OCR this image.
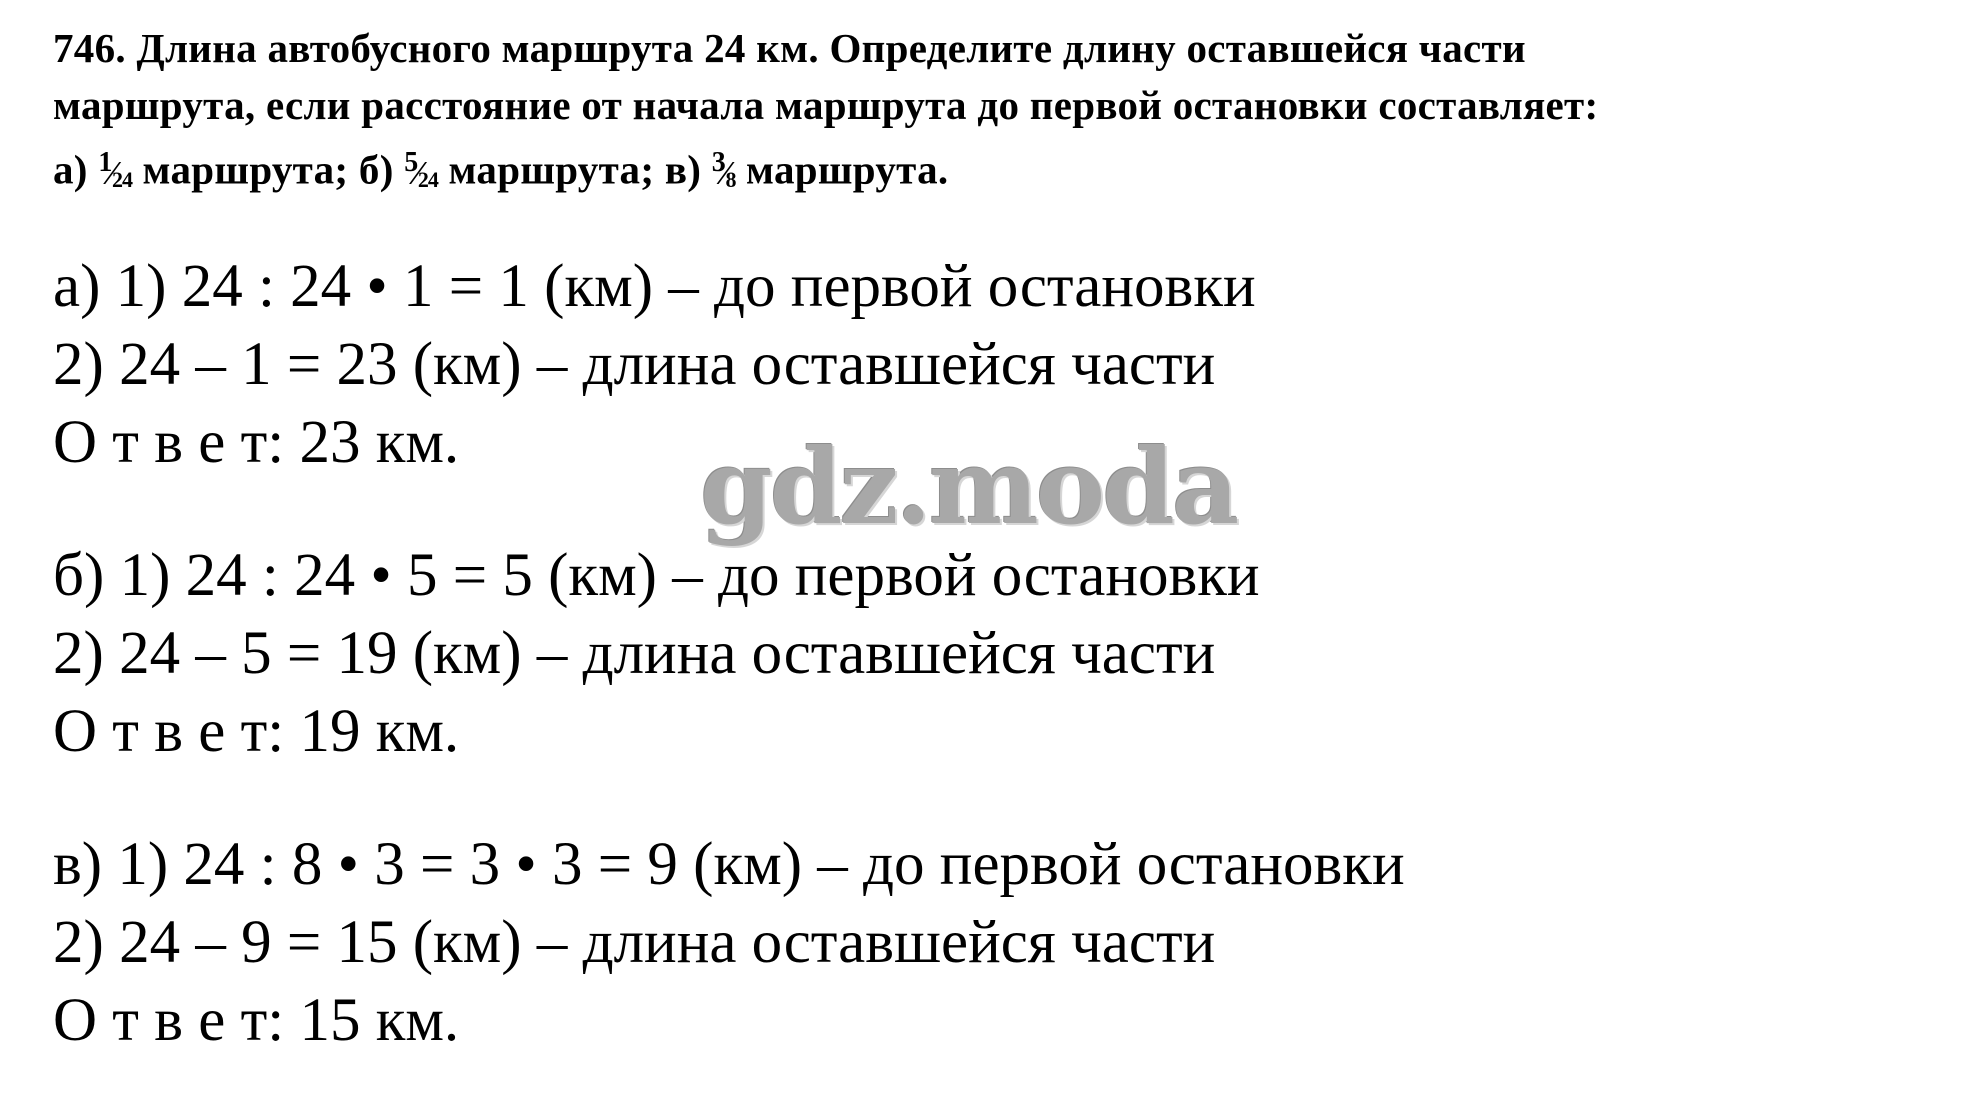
746. Длина автобусного маршрута 24 км. Определите длину оставшейся части
маршрута, если расстояние от начала маршрута до первой остановки составляет:
а) $^1$⁄24 маршрута; б) $^5$⁄24 маршрута; в) $^3$⁄8 маршрута.
а) 1) 24 : 24 • 1 = 1 (км) – до первой остановки
2) 24 – 1 = 23 (км) – длина оставшейся части
О т в е т: 23 км.	gdz.moda
б) 1) 24 : 24 • 5 = 5 (км) – до первой остановки
2) 24 – 5 = 19 (км) – длина оставшейся части
О т в е т: 19 км.
в) 1) 24 : 8 • 3 = 3 • 3 = 9 (км) – до первой остановки
2) 24 – 9 = 15 (км) – длина оставшейся части
О т в е т: 15 км.
